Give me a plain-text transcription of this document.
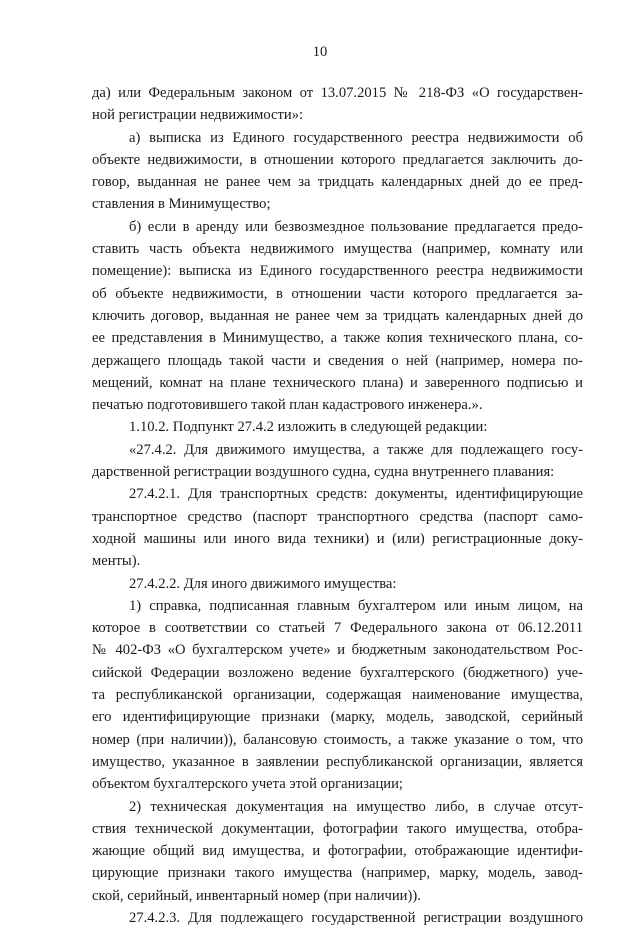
10
да) или Федеральным законом от 13.07.2015 № 218-ФЗ «О государствен-
ной регистрации недвижимости»:
а) выписка из Единого государственного реестра недвижимости об
объекте недвижимости, в отношении которого предлагается заключить до-
говор, выданная не ранее чем за тридцать календарных дней до ее пред-
ставления в Минимущество;
б) если в аренду или безвозмездное пользование предлагается предо-
ставить часть объекта недвижимого имущества (например, комнату или
помещение): выписка из Единого государственного реестра недвижимости
об объекте недвижимости, в отношении части которого предлагается за-
ключить договор, выданная не ранее чем за тридцать календарных дней до
ее представления в Минимущество, а также копия технического плана, со-
держащего площадь такой части и сведения о ней (например, номера по-
мещений, комнат на плане технического плана) и заверенного подписью и
печатью подготовившего такой план кадастрового инженера.».
1.10.2. Подпункт 27.4.2 изложить в следующей редакции:
«27.4.2. Для движимого имущества, а также для подлежащего госу-
дарственной регистрации воздушного судна, судна внутреннего плавания:
27.4.2.1. Для транспортных средств: документы, идентифицирующие
транспортное средство (паспорт транспортного средства (паспорт само-
ходной машины или иного вида техники) и (или) регистрационные доку-
менты).
27.4.2.2. Для иного движимого имущества:
1) справка, подписанная главным бухгалтером или иным лицом, на
которое в соответствии со статьей 7 Федерального закона от 06.12.2011
№ 402-ФЗ «О бухгалтерском учете» и бюджетным законодательством Рос-
сийской Федерации возложено ведение бухгалтерского (бюджетного) уче-
та республиканской организации, содержащая наименование имущества,
его идентифицирующие признаки (марку, модель, заводской, серийный
номер (при наличии)), балансовую стоимость, а также указание о том, что
имущество, указанное в заявлении республиканской организации, является
объектом бухгалтерского учета этой организации;
2) техническая документация на имущество либо, в случае отсут-
ствия технической документации, фотографии такого имущества, отобра-
жающие общий вид имущества, и фотографии, отображающие идентифи-
цирующие признаки такого имущества (например, марку, модель, завод-
ской, серийный, инвентарный номер (при наличии)).
27.4.2.3. Для подлежащего государственной регистрации воздушного
